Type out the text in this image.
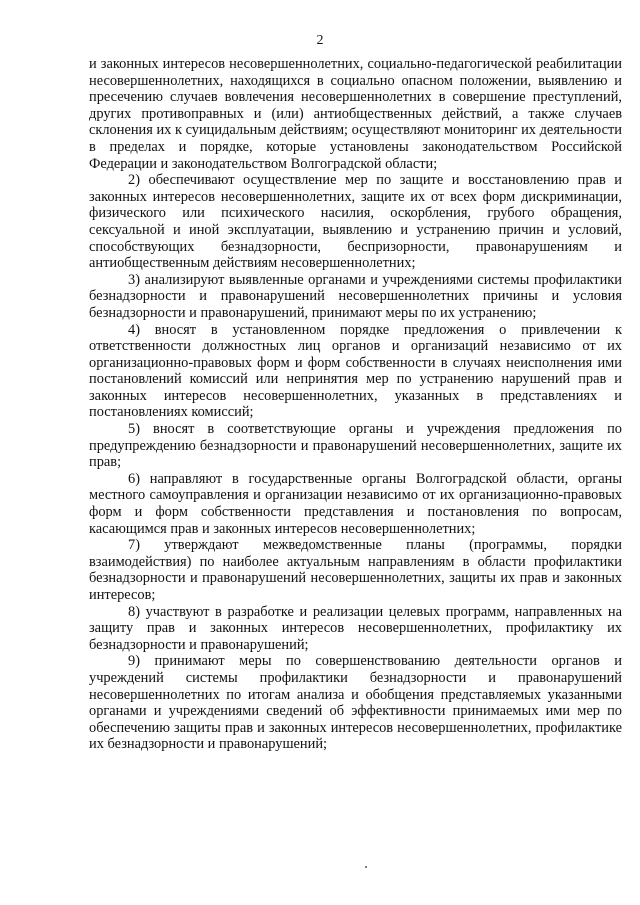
2

и законных интересов несовершеннолетних, социально-педагогической реабилитации несовершеннолетних, находящихся в социально опасном положении, выявлению и пресечению случаев вовлечения несовершеннолетних в совершение преступлений, других противоправных и (или) антиобщественных действий, а также случаев склонения их к суицидальным действиям; осуществляют мониторинг их деятельности в пределах и порядке, которые установлены законодательством Российской Федерации и законодательством Волгоградской области;

2) обеспечивают осуществление мер по защите и восстановлению прав и законных интересов несовершеннолетних, защите их от всех форм дискриминации, физического или психического насилия, оскорбления, грубого обращения, сексуальной и иной эксплуатации, выявлению и устранению причин и условий, способствующих безнадзорности, беспризорности, правонарушениям и антиобщественным действиям несовершеннолетних;

3) анализируют выявленные органами и учреждениями системы профилактики безнадзорности и правонарушений несовершеннолетних причины и условия безнадзорности и правонарушений, принимают меры по их устранению;

4) вносят в установленном порядке предложения о привлечении к ответственности должностных лиц органов и организаций независимо от их организационно-правовых форм и форм собственности в случаях неисполнения ими постановлений комиссий или непринятия мер по устранению нарушений прав и законных интересов несовершеннолетних, указанных в представлениях и постановлениях комиссий;

5) вносят в соответствующие органы и учреждения предложения по предупреждению безнадзорности и правонарушений несовершеннолетних, защите их прав;

6) направляют в государственные органы Волгоградской области, органы местного самоуправления и организации независимо от их организационно-правовых форм и форм собственности представления и постановления по вопросам, касающимся прав и законных интересов несовершеннолетних;

7) утверждают межведомственные планы (программы, порядки взаимодействия) по наиболее актуальным направлениям в области профилактики безнадзорности и правонарушений несовершеннолетних, защиты их прав и законных интересов;

8) участвуют в разработке и реализации целевых программ, направленных на защиту прав и законных интересов несовершеннолетних, профилактику их безнадзорности и правонарушений;

9) принимают меры по совершенствованию деятельности органов и учреждений системы профилактики безнадзорности и правонарушений несовершеннолетних по итогам анализа и обобщения представляемых указанными органами и учреждениями сведений об эффективности принимаемых ими мер по обеспечению защиты прав и законных интересов несовершеннолетних, профилактике их безнадзорности и правонарушений;
